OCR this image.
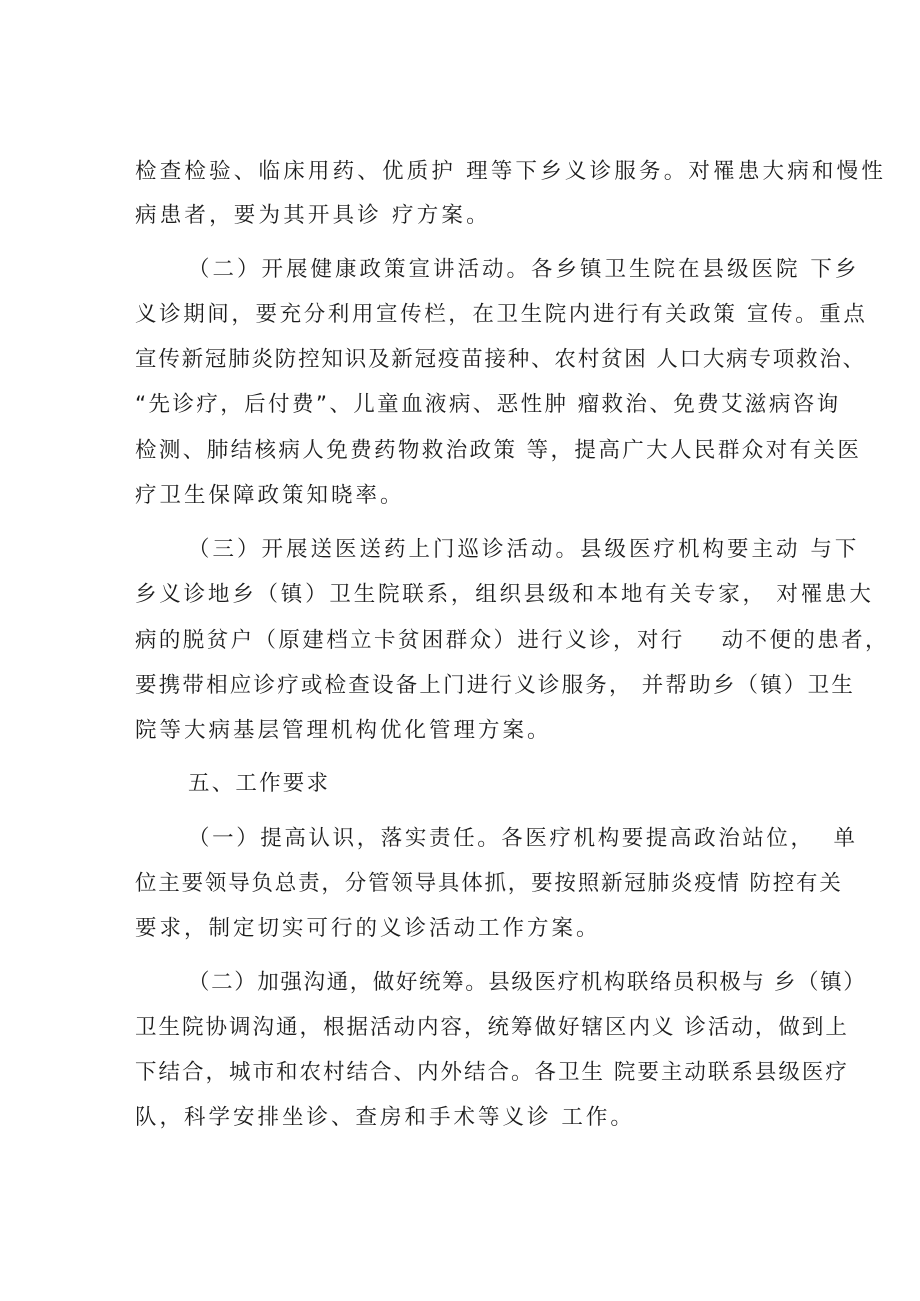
检查检验、临床用药、优质护 理等下乡义诊服务。对罹患大病和慢性
病患者，要为其开具诊 疗方案。
（二）开展健康政策宣讲活动。各乡镇卫生院在县级医院 下乡
义诊期间，要充分利用宣传栏，在卫生院内进行有关政策 宣传。重点
宣传新冠肺炎防控知识及新冠疫苗接种、农村贫困 人口大病专项救治、
“先诊疗，后付费”、儿童血液病、恶性肿 瘤救治、免费艾滋病咨询
检测、肺结核病人免费药物救治政策 等，提高广大人民群众对有关医
疗卫生保障政策知晓率。
（三）开展送医送药上门巡诊活动。县级医疗机构要主动 与下
乡义诊地乡（镇）卫生院联系，组织县级和本地有关专家， 对罹患大
病的脱贫户（原建档立卡贫困群众）进行义诊，对行    动不便的患者，
要携带相应诊疗或检查设备上门进行义诊服务， 并帮助乡（镇）卫生
院等大病基层管理机构优化管理方案。
五、工作要求
（一）提高认识，落实责任。各医疗机构要提高政治站位，  单
位主要领导负总责，分管领导具体抓，要按照新冠肺炎疫情 防控有关
要求，制定切实可行的义诊活动工作方案。
（二）加强沟通，做好统筹。县级医疗机构联络员积极与 乡（镇）
卫生院协调沟通，根据活动内容，统筹做好辖区内义 诊活动，做到上
下结合，城市和农村结合、内外结合。各卫生 院要主动联系县级医疗
队，科学安排坐诊、查房和手术等义诊 工作。
